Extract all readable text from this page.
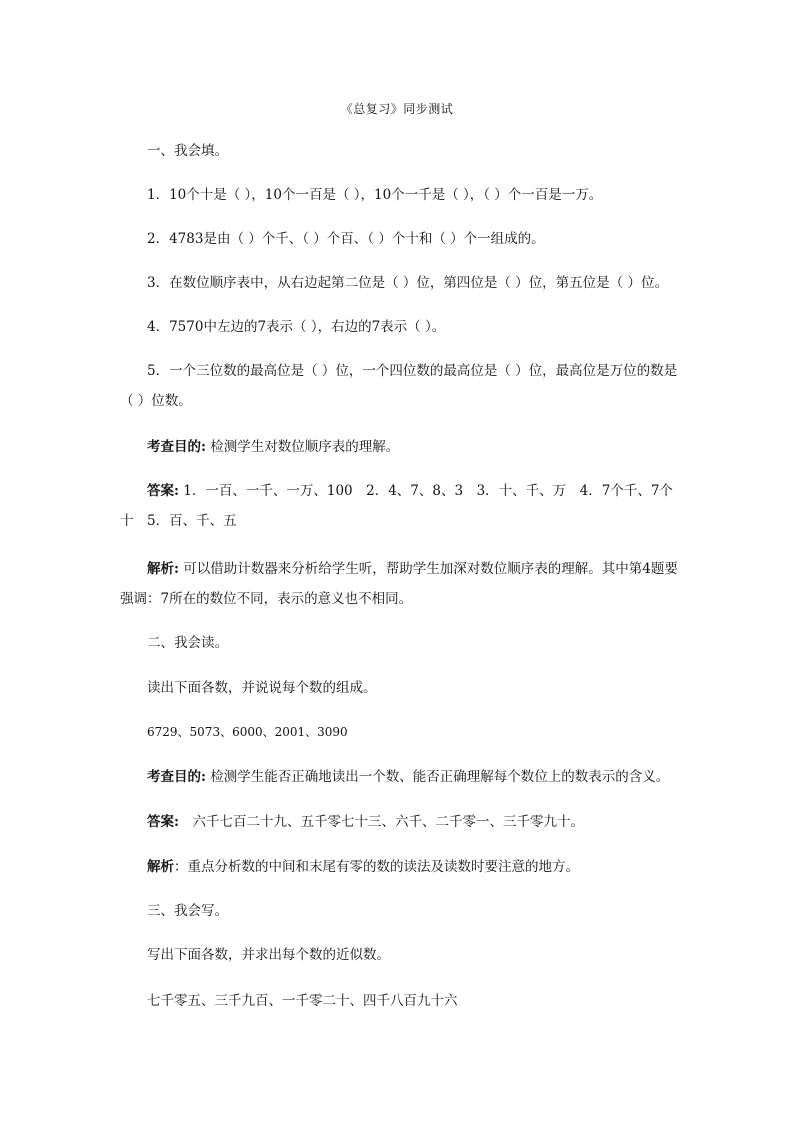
《总复习》同步测试
一、我会填。
1．10个十是（ ），10个一百是（ ），10个一千是（ ），（ ）个一百是一万。
2．4783是由（ ）个千、（ ）个百、（ ）个十和（ ）个一组成的。
3．在数位顺序表中，从右边起第二位是（ ）位，第四位是（ ）位，第五位是（ ）位。
4．7570中左边的7表示（ ），右边的7表示（ ）。
5．一个三位数的最高位是（ ）位，一个四位数的最高位是（ ）位，最高位是万位的数是（ ）位数。
考查目的: 检测学生对数位顺序表的理解。
答案: 1．一百、一千、一万、100　2．4、7、8、3　3．十、千、万　4．7个千、7个十　5．百、千、五
解析: 可以借助计数器来分析给学生听，帮助学生加深对数位顺序表的理解。其中第4题要强调：7所在的数位不同，表示的意义也不相同。
二、我会读。
读出下面各数，并说说每个数的组成。
6729、5073、6000、2001、3090
考查目的: 检测学生能否正确地读出一个数、能否正确理解每个数位上的数表示的含义。
答案:　六千七百二十九、五千零七十三、六千、二千零一、三千零九十。
解析：重点分析数的中间和末尾有零的数的读法及读数时要注意的地方。
三、我会写。
写出下面各数，并求出每个数的近似数。
七千零五、三千九百、一千零二十、四千八百九十六
